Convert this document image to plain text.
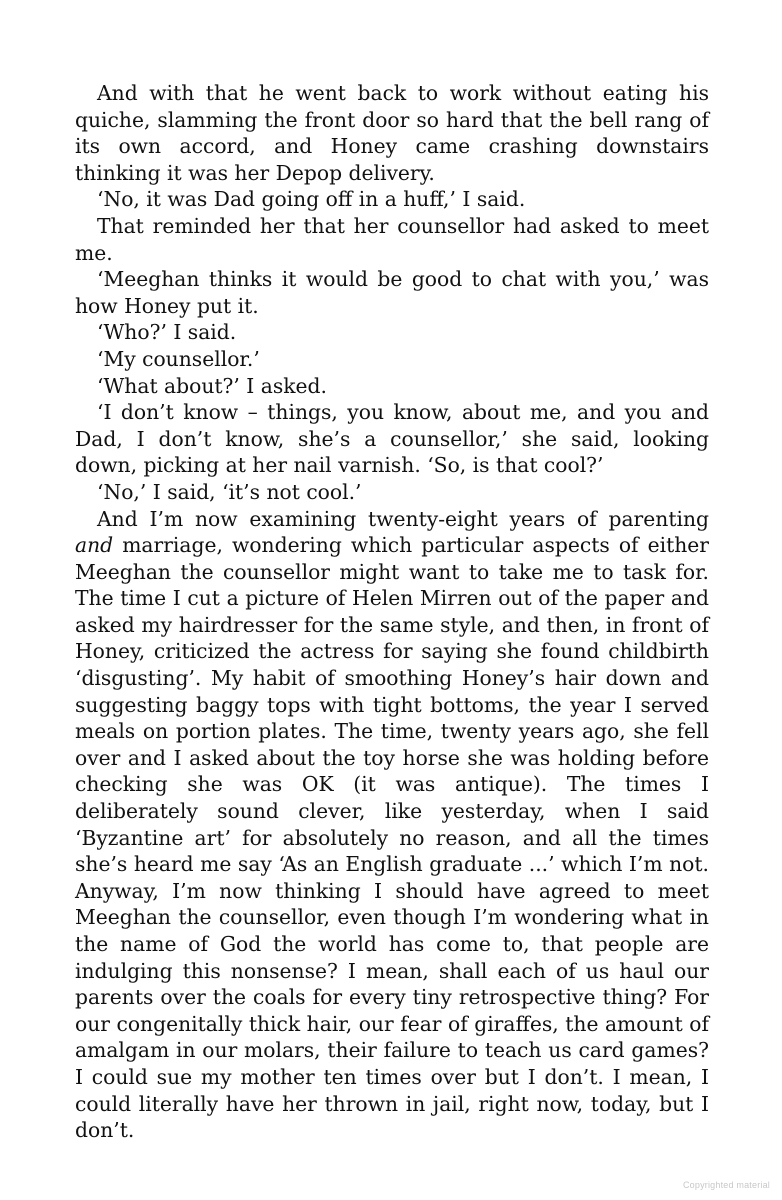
And with that he went back to work without eating his quiche, slamming the front door so hard that the bell rang of its own accord, and Honey came crashing downstairs thinking it was her Depop delivery.

‘No, it was Dad going off in a huff,’ I said.

That reminded her that her counsellor had asked to meet me.

‘Meeghan thinks it would be good to chat with you,’ was how Honey put it.

‘Who?’ I said.

‘My counsellor.’

‘What about?’ I asked.

‘I don’t know – things, you know, about me, and you and Dad, I don’t know, she’s a counsellor,’ she said, looking down, picking at her nail varnish. ‘So, is that cool?’

‘No,’ I said, ‘it’s not cool.’

And I’m now examining twenty-eight years of parenting and marriage, wondering which particular aspects of either Meeghan the counsellor might want to take me to task for. The time I cut a picture of Helen Mirren out of the paper and asked my hairdresser for the same style, and then, in front of Honey, criticized the actress for saying she found childbirth ‘disgusting’. My habit of smoothing Honey’s hair down and suggesting baggy tops with tight bottoms, the year I served meals on portion plates. The time, twenty years ago, she fell over and I asked about the toy horse she was holding before checking she was OK (it was antique). The times I deliberately sound clever, like yesterday, when I said ‘Byzantine art’ for absolutely no reason, and all the times she’s heard me say ‘As an English graduate ...’ which I’m not. Anyway, I’m now thinking I should have agreed to meet Meeghan the counsellor, even though I’m wondering what in the name of God the world has come to, that people are indulging this nonsense? I mean, shall each of us haul our parents over the coals for every tiny retrospective thing? For our congenitally thick hair, our fear of giraffes, the amount of amalgam in our molars, their failure to teach us card games? I could sue my mother ten times over but I don’t. I mean, I could literally have her thrown in jail, right now, today, but I don’t.

Copyrighted material
